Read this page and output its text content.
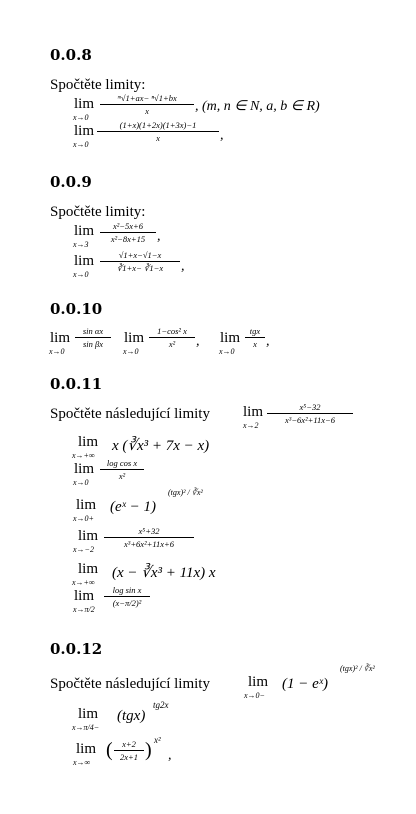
0.0.8
Spočtěte limity:
lim
x→0
$\frac{\text{ᵐ√1+ax− ⁿ√1+bx}}{x}$ , (m, n ∈ N, a, b ∈ R)
lim
x→0
$\frac{(1+x)(1+2x)(1+3x)-1}{x}$ ,
0.0.9
Spočtěte limity:
lim
x→3
$\frac{\text{x²−5x+6}}{\text{x²−8x+15}}$ ,
lim
x→0
$\frac{√1+x-√1-x}{∛1+x- ∛1-x}$ ,
0.0.10
lim
x→0
$\frac{\text{sin αx}}{\text{sin βx}}$ lim
x→0
$\frac{\text{1−cos² x}}{\text{x²}}$ , lim
x→0
tgx
x ,
0.0.11
Spočtěte následující limity lim
x→2
$\frac{\text{x⁵−32}}{\text{x³−6x²+11x−6}}$
lim
x→+∞
x (∛x³ + 7x − x)
lim
x→0
$\frac{\text{log cos x}}{\text{x²}}$
lim
x→0+
(eˣ − 1)
(tgx)² / ∛x²
lim
x→−2
$\frac{\text{x⁵+32}}{\text{x³+6x²+11x+6}}$
lim
x→+∞
(x − ∛x³ + 11x) x
lim
x→π/2
$\frac{\text{log sin x}}{\text{(x−π/2)²}}$
0.0.12
Spočtěte následující limity	lim
x→0−
(1 − eˣ)
(tgx)² / ∛x²
lim
x→π/4−
(tgx)
tg2x
lim
x→∞
( $\frac{x+2}{2x+1}$ ) x²
,
